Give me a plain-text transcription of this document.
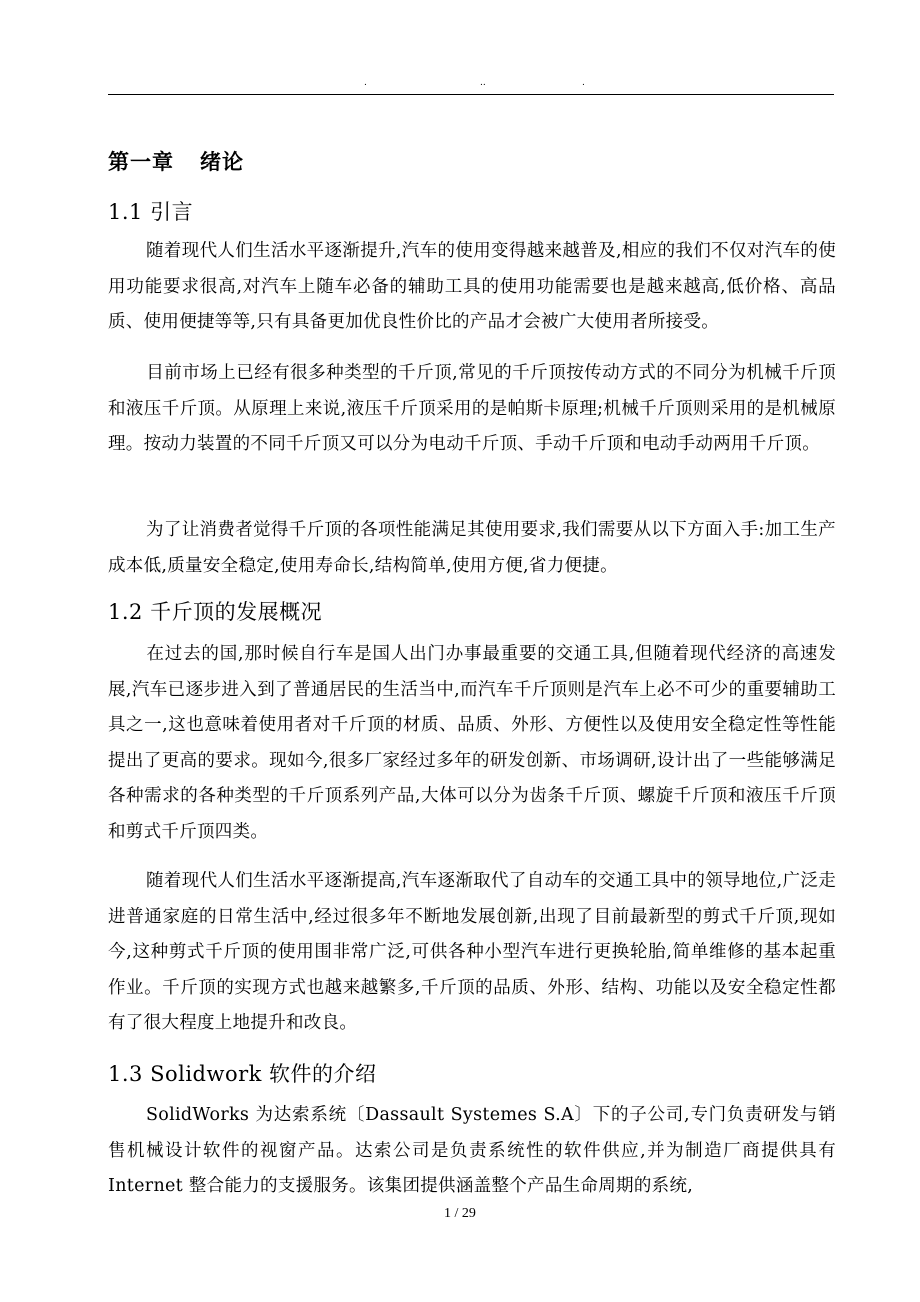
.	..	.
第一章 绪论
1.1 引言

随着现代人们生活水平逐渐提升,汽车的使用变得越来越普及,相应的我们不仅对汽车的使用功能要求很高,对汽车上随车必备的辅助工具的使用功能需要也是越来越高,低价格、高品质、使用便捷等等,只有具备更加优良性价比的产品才会被广大使用者所接受。

目前市场上已经有很多种类型的千斤顶,常见的千斤顶按传动方式的不同分为机械千斤顶和液压千斤顶。从原理上来说,液压千斤顶采用的是帕斯卡原理;机械千斤顶则采用的是机械原理。按动力装置的不同千斤顶又可以分为电动千斤顶、手动千斤顶和电动手动两用千斤顶。

为了让消费者觉得千斤顶的各项性能满足其使用要求,我们需要从以下方面入手:加工生产成本低,质量安全稳定,使用寿命长,结构简单,使用方便,省力便捷。

1.2 千斤顶的发展概况

在过去的国,那时候自行车是国人出门办事最重要的交通工具,但随着现代经济的高速发展,汽车已逐步进入到了普通居民的生活当中,而汽车千斤顶则是汽车上必不可少的重要辅助工具之一,这也意味着使用者对千斤顶的材质、品质、外形、方便性以及使用安全稳定性等性能提出了更高的要求。现如今,很多厂家经过多年的研发创新、市场调研,设计出了一些能够满足各种需求的各种类型的千斤顶系列产品,大体可以分为齿条千斤顶、螺旋千斤顶和液压千斤顶和剪式千斤顶四类。

随着现代人们生活水平逐渐提高,汽车逐渐取代了自动车的交通工具中的领导地位,广泛走进普通家庭的日常生活中,经过很多年不断地发展创新,出现了目前最新型的剪式千斤顶,现如今,这种剪式千斤顶的使用围非常广泛,可供各种小型汽车进行更换轮胎,简单维修的基本起重作业。千斤顶的实现方式也越来越繁多,千斤顶的品质、外形、结构、功能以及安全稳定性都有了很大程度上地提升和改良。

1.3 Solidwork 软件的介绍

SolidWorks 为达索系统〔Dassault Systemes S.A〕下的子公司,专门负责研发与销售机械设计软件的视窗产品。达索公司是负责系统性的软件供应,并为制造厂商提供具有 Internet 整合能力的支援服务。该集团提供涵盖整个产品生命周期的系统,

1 / 29
